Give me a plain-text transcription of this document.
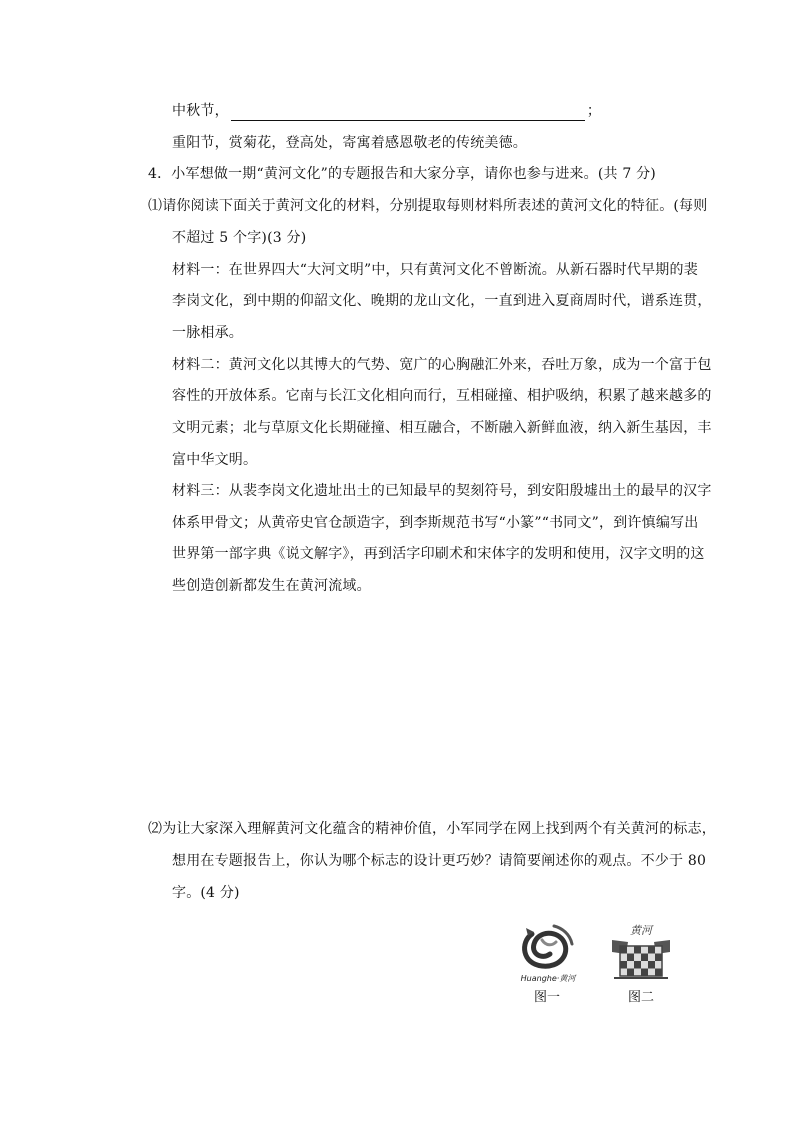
中秋节，	；
重阳节，赏菊花，登高处，寄寓着感恩敬老的传统美德。
4．小军想做一期“黄河文化”的专题报告和大家分享，请你也参与进来。(共 7 分)
⑴请你阅读下面关于黄河文化的材料，分别提取每则材料所表述的黄河文化的特征。(每则
不超过 5 个字)(3 分)
材料一：在世界四大“大河文明”中，只有黄河文化不曾断流。从新石器时代早期的裴
李岗文化，到中期的仰韶文化、晚期的龙山文化，一直到进入夏商周时代，谱系连贯，
一脉相承。
材料二：黄河文化以其博大的气势、宽广的心胸融汇外来，吞吐万象，成为一个富于包
容性的开放体系。它南与长江文化相向而行，互相碰撞、相护吸纳，积累了越来越多的
文明元素；北与草原文化长期碰撞、相互融合，不断融入新鲜血液，纳入新生基因，丰
富中华文明。
材料三：从裴李岗文化遗址出土的已知最早的契刻符号，到安阳殷墟出土的最早的汉字
体系甲骨文；从黄帝史官仓颉造字，到李斯规范书写“小篆”“书同文”，到许慎编写出
世界第一部字典《说文解字》，再到活字印刷术和宋体字的发明和使用，汉字文明的这
些创造创新都发生在黄河流域。
⑵为让大家深入理解黄河文化蕴含的精神价值，小军同学在网上找到两个有关黄河的标志，
想用在专题报告上，你认为哪个标志的设计更巧妙？请简要阐述你的观点。不少于 80
字。(4 分)
Huanghe·黄河
图一
黄河
图二
